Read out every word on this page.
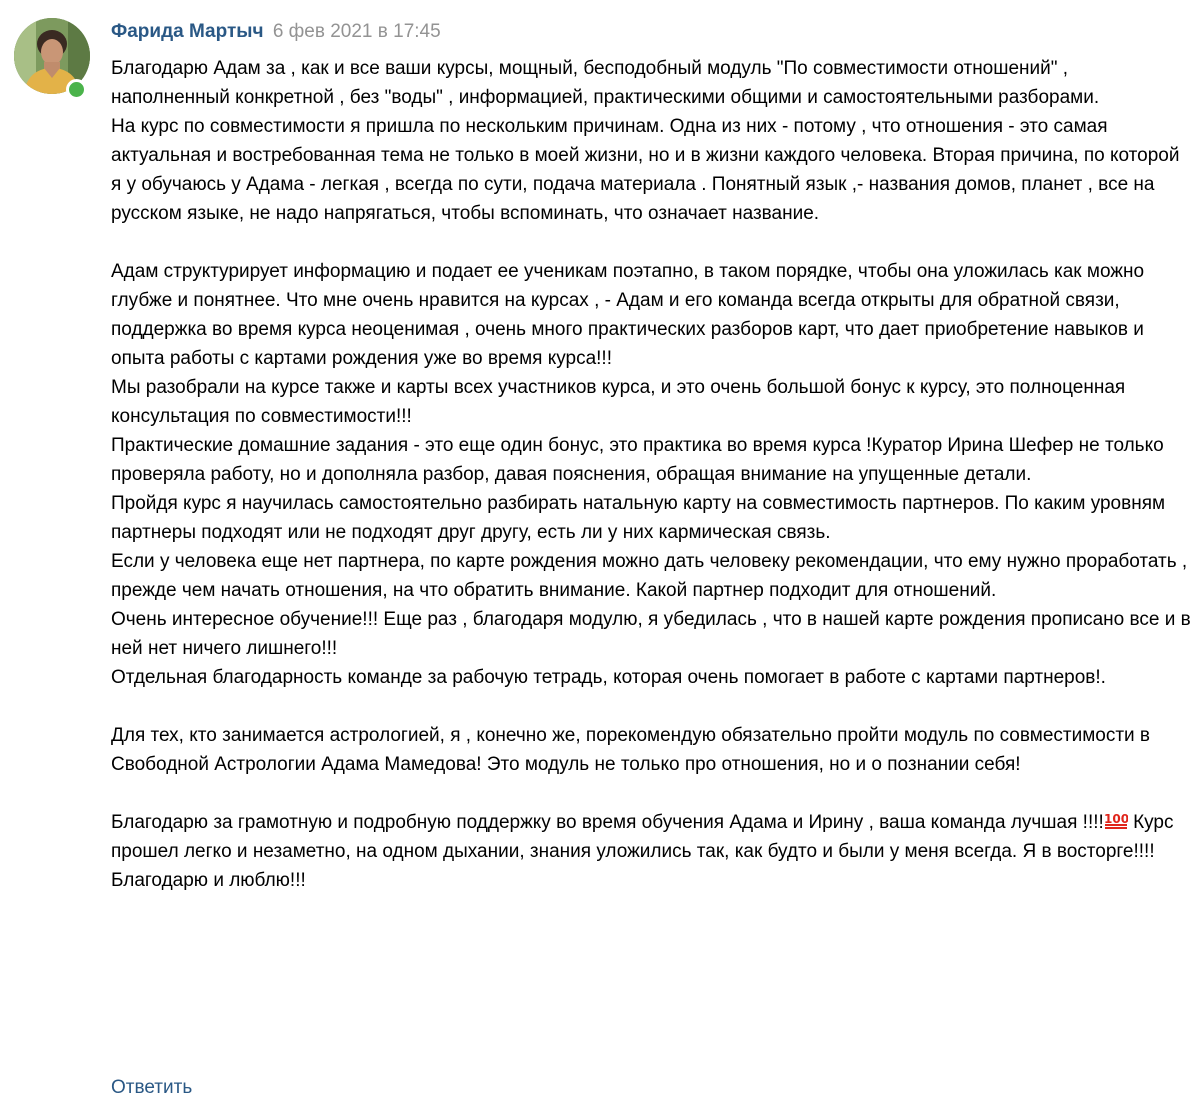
Фарида Мартыч 6 фев 2021 в 17:45

Благодарю Адам за , как и все ваши курсы, мощный, бесподобный модуль "По совместимости отношений" , наполненный конкретной , без "воды" , информацией, практическими общими и самостоятельными разборами.

На курс по совместимости я пришла по нескольким причинам. Одна из них - потому , что отношения - это самая актуальная и востребованная тема не только в моей жизни, но и в жизни каждого человека. Вторая причина, по которой я у обучаюсь у Адама - легкая , всегда по сути, подача материала . Понятный язык ,- названия домов, планет , все на русском языке, не надо напрягаться, чтобы вспоминать, что означает название.

Адам структурирует информацию и подает ее ученикам поэтапно, в таком порядке, чтобы она уложилась как можно глубже и понятнее. Что мне очень нравится на курсах , - Адам и его команда всегда открыты для обратной связи, поддержка во время курса неоценимая , очень много практических разборов карт, что дает приобретение навыков и опыта работы с картами рождения уже во время курса!!!

Мы разобрали на курсе также и карты всех участников курса, и это очень большой бонус к курсу, это полноценная консультация по совместимости!!!

Практические домашние задания - это еще один бонус, это практика во время курса !Куратор Ирина Шефер не только проверяла работу, но и дополняла разбор, давая пояснения, обращая внимание на упущенные детали.

Пройдя курс я научилась самостоятельно разбирать натальную карту на совместимость партнеров. По каким уровням партнеры подходят или не подходят друг другу, есть ли у них кармическая связь.

Если у человека еще нет партнера, по карте рождения можно дать человеку рекомендации, что ему нужно проработать , прежде чем начать отношения, на что обратить внимание. Какой партнер подходит для отношений.

Очень интересное обучение!!! Еще раз , благодаря модулю, я убедилась , что в нашей карте рождения прописано все и в ней нет ничего лишнего!!!

Отдельная благодарность команде за рабочую тетрадь, которая очень помогает в работе с картами партнеров!.

Для тех, кто занимается астрологией, я , конечно же, порекомендую обязательно пройти модуль по совместимости в Свободной Астрологии Адама Мамедова! Это модуль не только про отношения, но и о познании себя!

Благодарю за грамотную и подробную поддержку во время обучения Адама и Ирину , ваша команда лучшая !!!! 100
Курс прошел легко и незаметно, на одном дыхании, знания уложились так, как будто и были у меня всегда. Я в восторге!!!! Благодарю и люблю!!!

Ответить
